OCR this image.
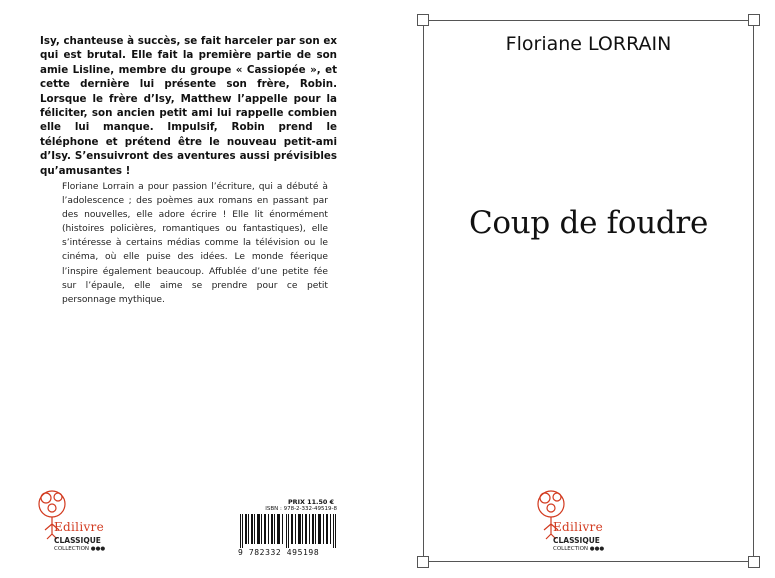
Isy, chanteuse à succès, se fait harceler par son ex qui est brutal. Elle fait la première partie de son amie Lisline, membre du groupe « Cassiopée », et cette dernière lui présente son frère, Robin. Lorsque le frère d’Isy, Matthew l’appelle pour la féliciter, son ancien petit ami lui rappelle combien elle lui manque. Impulsif, Robin prend le téléphone et prétend être le nouveau petit-ami d’Isy. S’ensuivront des aventures aussi prévisibles qu’amusantes !
Floriane Lorrain a pour passion l’écriture, qui a débuté à l’adolescence ; des poèmes aux romans en passant par des nouvelles, elle adore écrire ! Elle lit énormément (histoires policières, romantiques ou fantastiques), elle s’intéresse à certains médias comme la télévision ou le cinéma, où elle puise des idées. Le monde féerique l’inspire également beaucoup. Affublée d’une petite fée sur l’épaule, elle aime se prendre pour ce petit personnage mythique.
Edilivre
CLASSIQUE
COLLECTION ●●●
PRIX 11.50 €
ISBN : 978-2-332-49519-8
9 782332 495198
Floriane LORRAIN
Coup de foudre
Edilivre
CLASSIQUE
COLLECTION ●●●
